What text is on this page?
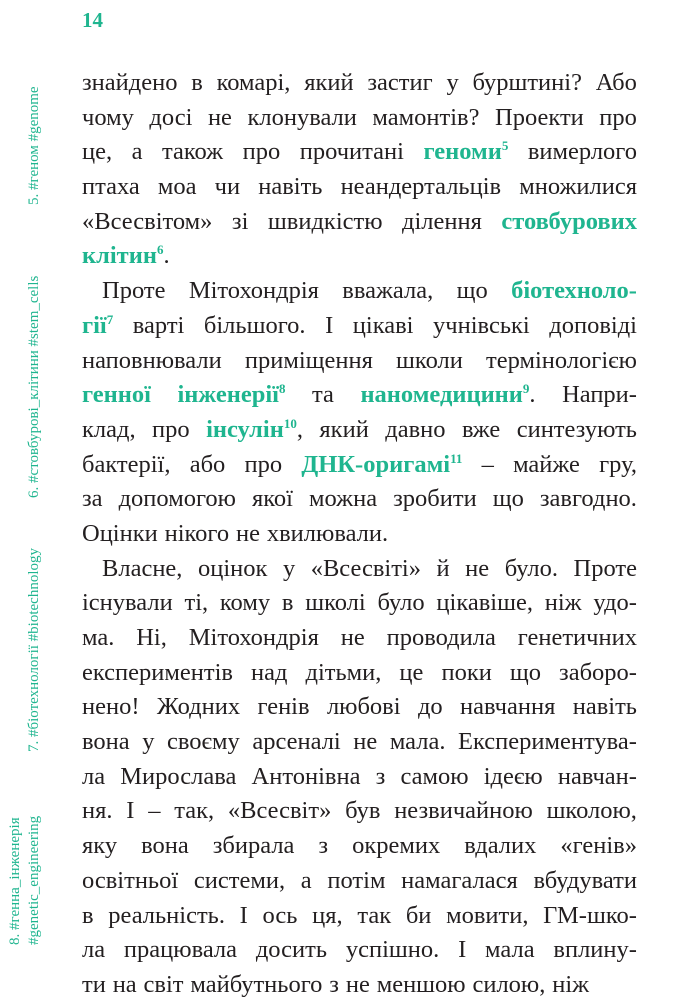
14
5. #геном #genome
6. #стовбурові_клітини #stem_cells
7. #біотехнології #biotechnology
8. #генна_інженерія #genetic_engineering
знайдено в комарі, який застиг у бурштині? Або
чому досі не клонували мамонтів? Проекти про
це, а також про прочитані геноми$^5$ вимерлого
птаха моа чи навіть неандертальців множилися
«Всесвітом» зі швидкістю ділення стовбурових
клітин$^6$.
Проте Мітохондрія вважала, що біотехноло-
гії$^7$ варті більшого. І цікаві учнівські доповіді
наповнювали приміщення школи термінологією
генної інженерії$^8$ та наномедицини$^9$. Напри-
клад, про інсулін$^{10}$, який давно вже синтезують
бактерії, або про ДНК-оригамі$^{11}$ – майже гру,
за допомогою якої можна зробити що завгодно.
Оцінки нікого не хвилювали.
Власне, оцінок у «Всесвіті» й не було. Проте
існували ті, кому в школі було цікавіше, ніж удо-
ма. Ні, Мітохондрія не проводила генетичних
експериментів над дітьми, це поки що заборо-
нено! Жодних генів любові до навчання навіть
вона у своєму арсеналі не мала. Експериментува-
ла Мирослава Антонівна з самою ідеєю навчан-
ня. І – так, «Всесвіт» був незвичайною школою,
яку вона збирала з окремих вдалих «генів»
освітньої системи, а потім намагалася вбудувати
в реальність. І ось ця, так би мовити, ГМ-шко-
ла працювала досить успішно. І мала вплину-
ти на світ майбутнього з не меншою силою, ніж
